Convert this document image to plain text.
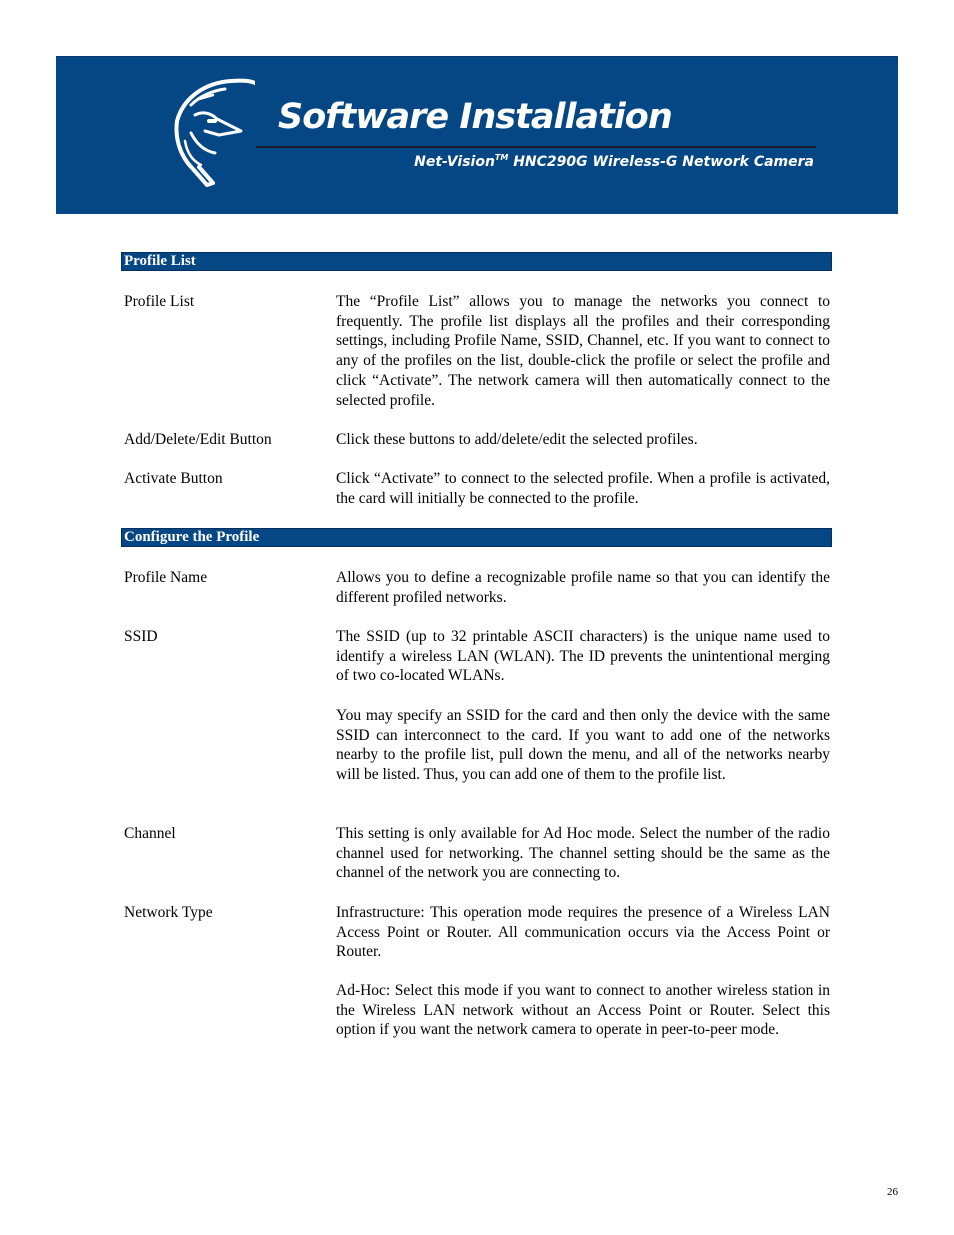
Software Installation
Net-Vision™ HNC290G Wireless-G Network Camera
Profile List
Profile List	The “Profile List” allows you to manage the networks you connect to frequently. The profile list displays all the profiles and their corresponding settings, including Profile Name, SSID, Channel, etc. If you want to connect to any of the profiles on the list, double-click the profile or select the profile and click “Activate”. The network camera will then automatically connect to the selected profile.
Add/Delete/Edit Button	Click these buttons to add/delete/edit the selected profiles.
Activate Button	Click “Activate” to connect to the selected profile. When a profile is activated, the card will initially be connected to the profile.
Configure the Profile
Profile Name	Allows you to define a recognizable profile name so that you can identify the different profiled networks.
SSID	The SSID (up to 32 printable ASCII characters) is the unique name used to identify a wireless LAN (WLAN). The ID prevents the unintentional merging of two co-located WLANs.
You may specify an SSID for the card and then only the device with the same SSID can interconnect to the card. If you want to add one of the networks nearby to the profile list, pull down the menu, and all of the networks nearby will be listed. Thus, you can add one of them to the profile list.
Channel	This setting is only available for Ad Hoc mode. Select the number of the radio channel used for networking. The channel setting should be the same as the channel of the network you are connecting to.
Network Type	Infrastructure: This operation mode requires the presence of a Wireless LAN Access Point or Router. All communication occurs via the Access Point or Router.
Ad-Hoc: Select this mode if you want to connect to another wireless station in the Wireless LAN network without an Access Point or Router. Select this option if you want the network camera to operate in peer-to-peer mode.
26
